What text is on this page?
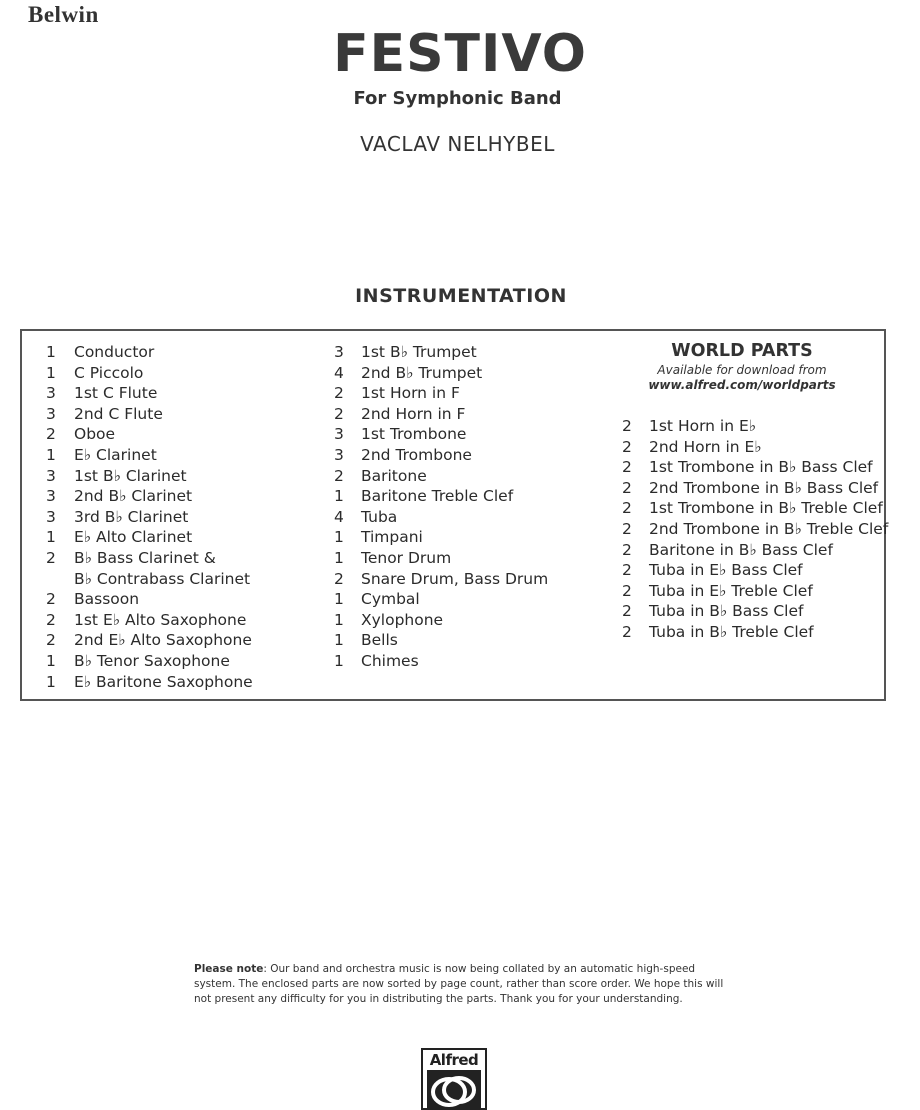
Belwin
FESTIVO
For Symphonic Band
VACLAV NELHYBEL
INSTRUMENTATION
1 Conductor
1 C Piccolo
3 1st C Flute
3 2nd C Flute
2 Oboe
1 E♭ Clarinet
3 1st B♭ Clarinet
3 2nd B♭ Clarinet
3 3rd B♭ Clarinet
1 E♭ Alto Clarinet
2 B♭ Bass Clarinet &
B♭ Contrabass Clarinet
2 Bassoon
2 1st E♭ Alto Saxophone
2 2nd E♭ Alto Saxophone
1 B♭ Tenor Saxophone
1 E♭ Baritone Saxophone
3 1st B♭ Trumpet
4 2nd B♭ Trumpet
2 1st Horn in F
2 2nd Horn in F
3 1st Trombone
3 2nd Trombone
2 Baritone
1 Baritone Treble Clef
4 Tuba
1 Timpani
1 Tenor Drum
2 Snare Drum, Bass Drum
1 Cymbal
1 Xylophone
1 Bells
1 Chimes
WORLD PARTS
Available for download from
www.alfred.com/worldparts
2 1st Horn in E♭
2 2nd Horn in E♭
2 1st Trombone in B♭ Bass Clef
2 2nd Trombone in B♭ Bass Clef
2 1st Trombone in B♭ Treble Clef
2 2nd Trombone in B♭ Treble Clef
2 Baritone in B♭ Bass Clef
2 Tuba in E♭ Bass Clef
2 Tuba in E♭ Treble Clef
2 Tuba in B♭ Bass Clef
2 Tuba in B♭ Treble Clef
Please note: Our band and orchestra music is now being collated by an automatic high-speed system. The enclosed parts are now sorted by page count, rather than score order. We hope this will not present any difficulty for you in distributing the parts. Thank you for your understanding.
Alfred
